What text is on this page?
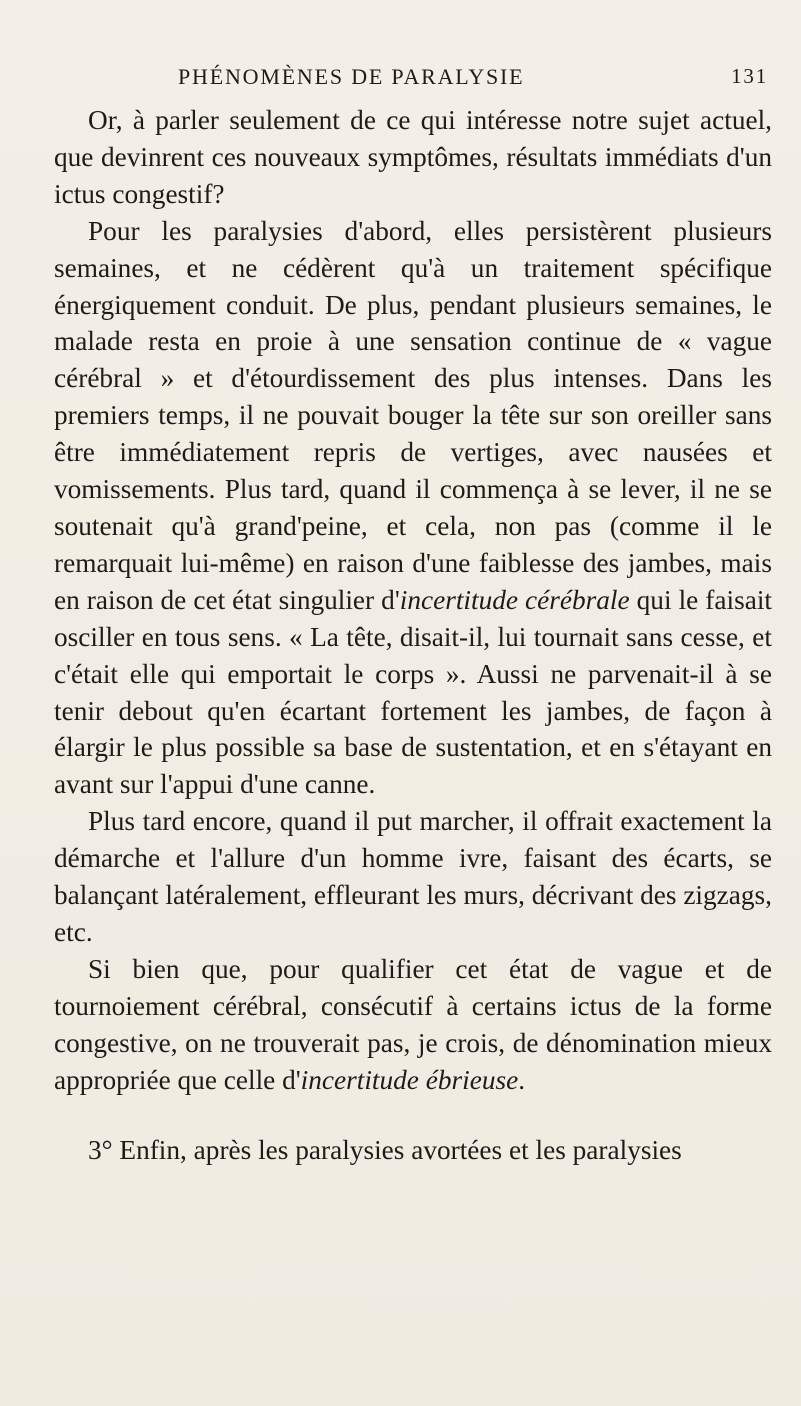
PHÉNOMÈNES DE PARALYSIE	131

Or, à parler seulement de ce qui intéresse notre sujet actuel, que devinrent ces nouveaux symptômes, résultats immédiats d'un ictus congestif?

Pour les paralysies d'abord, elles persistèrent plusieurs semaines, et ne cédèrent qu'à un traitement spécifique énergiquement conduit. De plus, pendant plusieurs semaines, le malade resta en proie à une sensation continue de « vague cérébral » et d'étourdissement des plus intenses. Dans les premiers temps, il ne pouvait bouger la tête sur son oreiller sans être immédiatement repris de vertiges, avec nausées et vomissements. Plus tard, quand il commença à se lever, il ne se soutenait qu'à grand'peine, et cela, non pas (comme il le remarquait lui-même) en raison d'une faiblesse des jambes, mais en raison de cet état singulier d'incertitude cérébrale qui le faisait osciller en tous sens. « La tête, disait-il, lui tournait sans cesse, et c'était elle qui emportait le corps ». Aussi ne parvenait-il à se tenir debout qu'en écartant fortement les jambes, de façon à élargir le plus possible sa base de sustentation, et en s'étayant en avant sur l'appui d'une canne.

Plus tard encore, quand il put marcher, il offrait exactement la démarche et l'allure d'un homme ivre, faisant des écarts, se balançant latéralement, effleurant les murs, décrivant des zigzags, etc.

Si bien que, pour qualifier cet état de vague et de tournoiement cérébral, consécutif à certains ictus de la forme congestive, on ne trouverait pas, je crois, de dénomination mieux appropriée que celle d'incertitude ébrieuse.

3° Enfin, après les paralysies avortées et les paralysies
